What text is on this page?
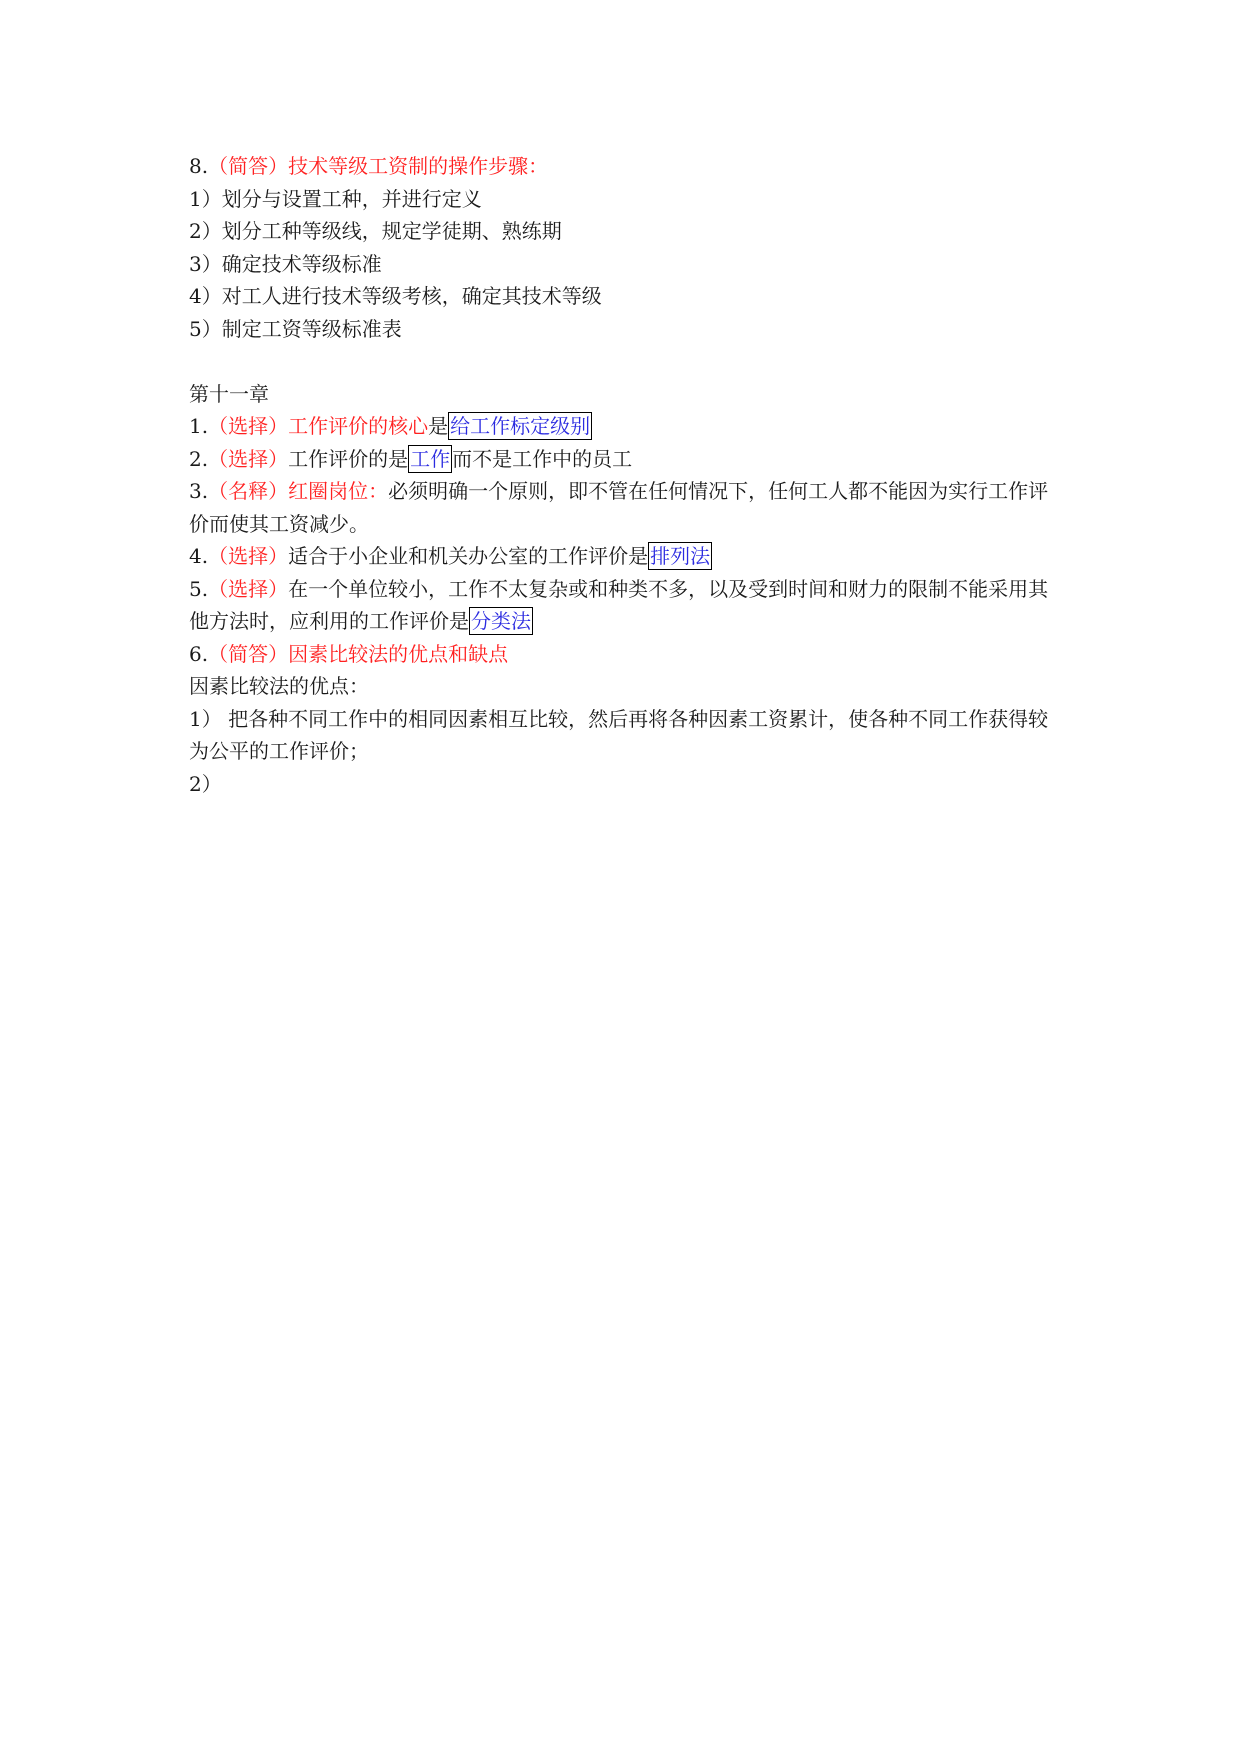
8.（简答）技术等级工资制的操作步骤：
1）划分与设置工种，并进行定义
2）划分工种等级线，规定学徒期、熟练期
3）确定技术等级标准
4）对工人进行技术等级考核，确定其技术等级
5）制定工资等级标准表
第十一章
1.（选择）工作评价的核心是 给工作标定级别
2.（选择）工作评价的是 工作 而不是工作中的员工
3.（名释）红圈岗位：必须明确一个原则，即不管在任何情况下，任何工人都不能因为实行工作评价而使其工资减少。
4.（选择）适合于小企业和机关办公室的工作评价是 排列法
5.（选择）在一个单位较小，工作不太复杂或和种类不多，以及受到时间和财力的限制不能采用其他方法时，应利用的工作评价是 分类法
6.（简答）因素比较法的优点和缺点
因素比较法的优点：
1） 把各种不同工作中的相同因素相互比较，然后再将各种因素工资累计，使各种不同工作获得较为公平的工作评价；
2）
